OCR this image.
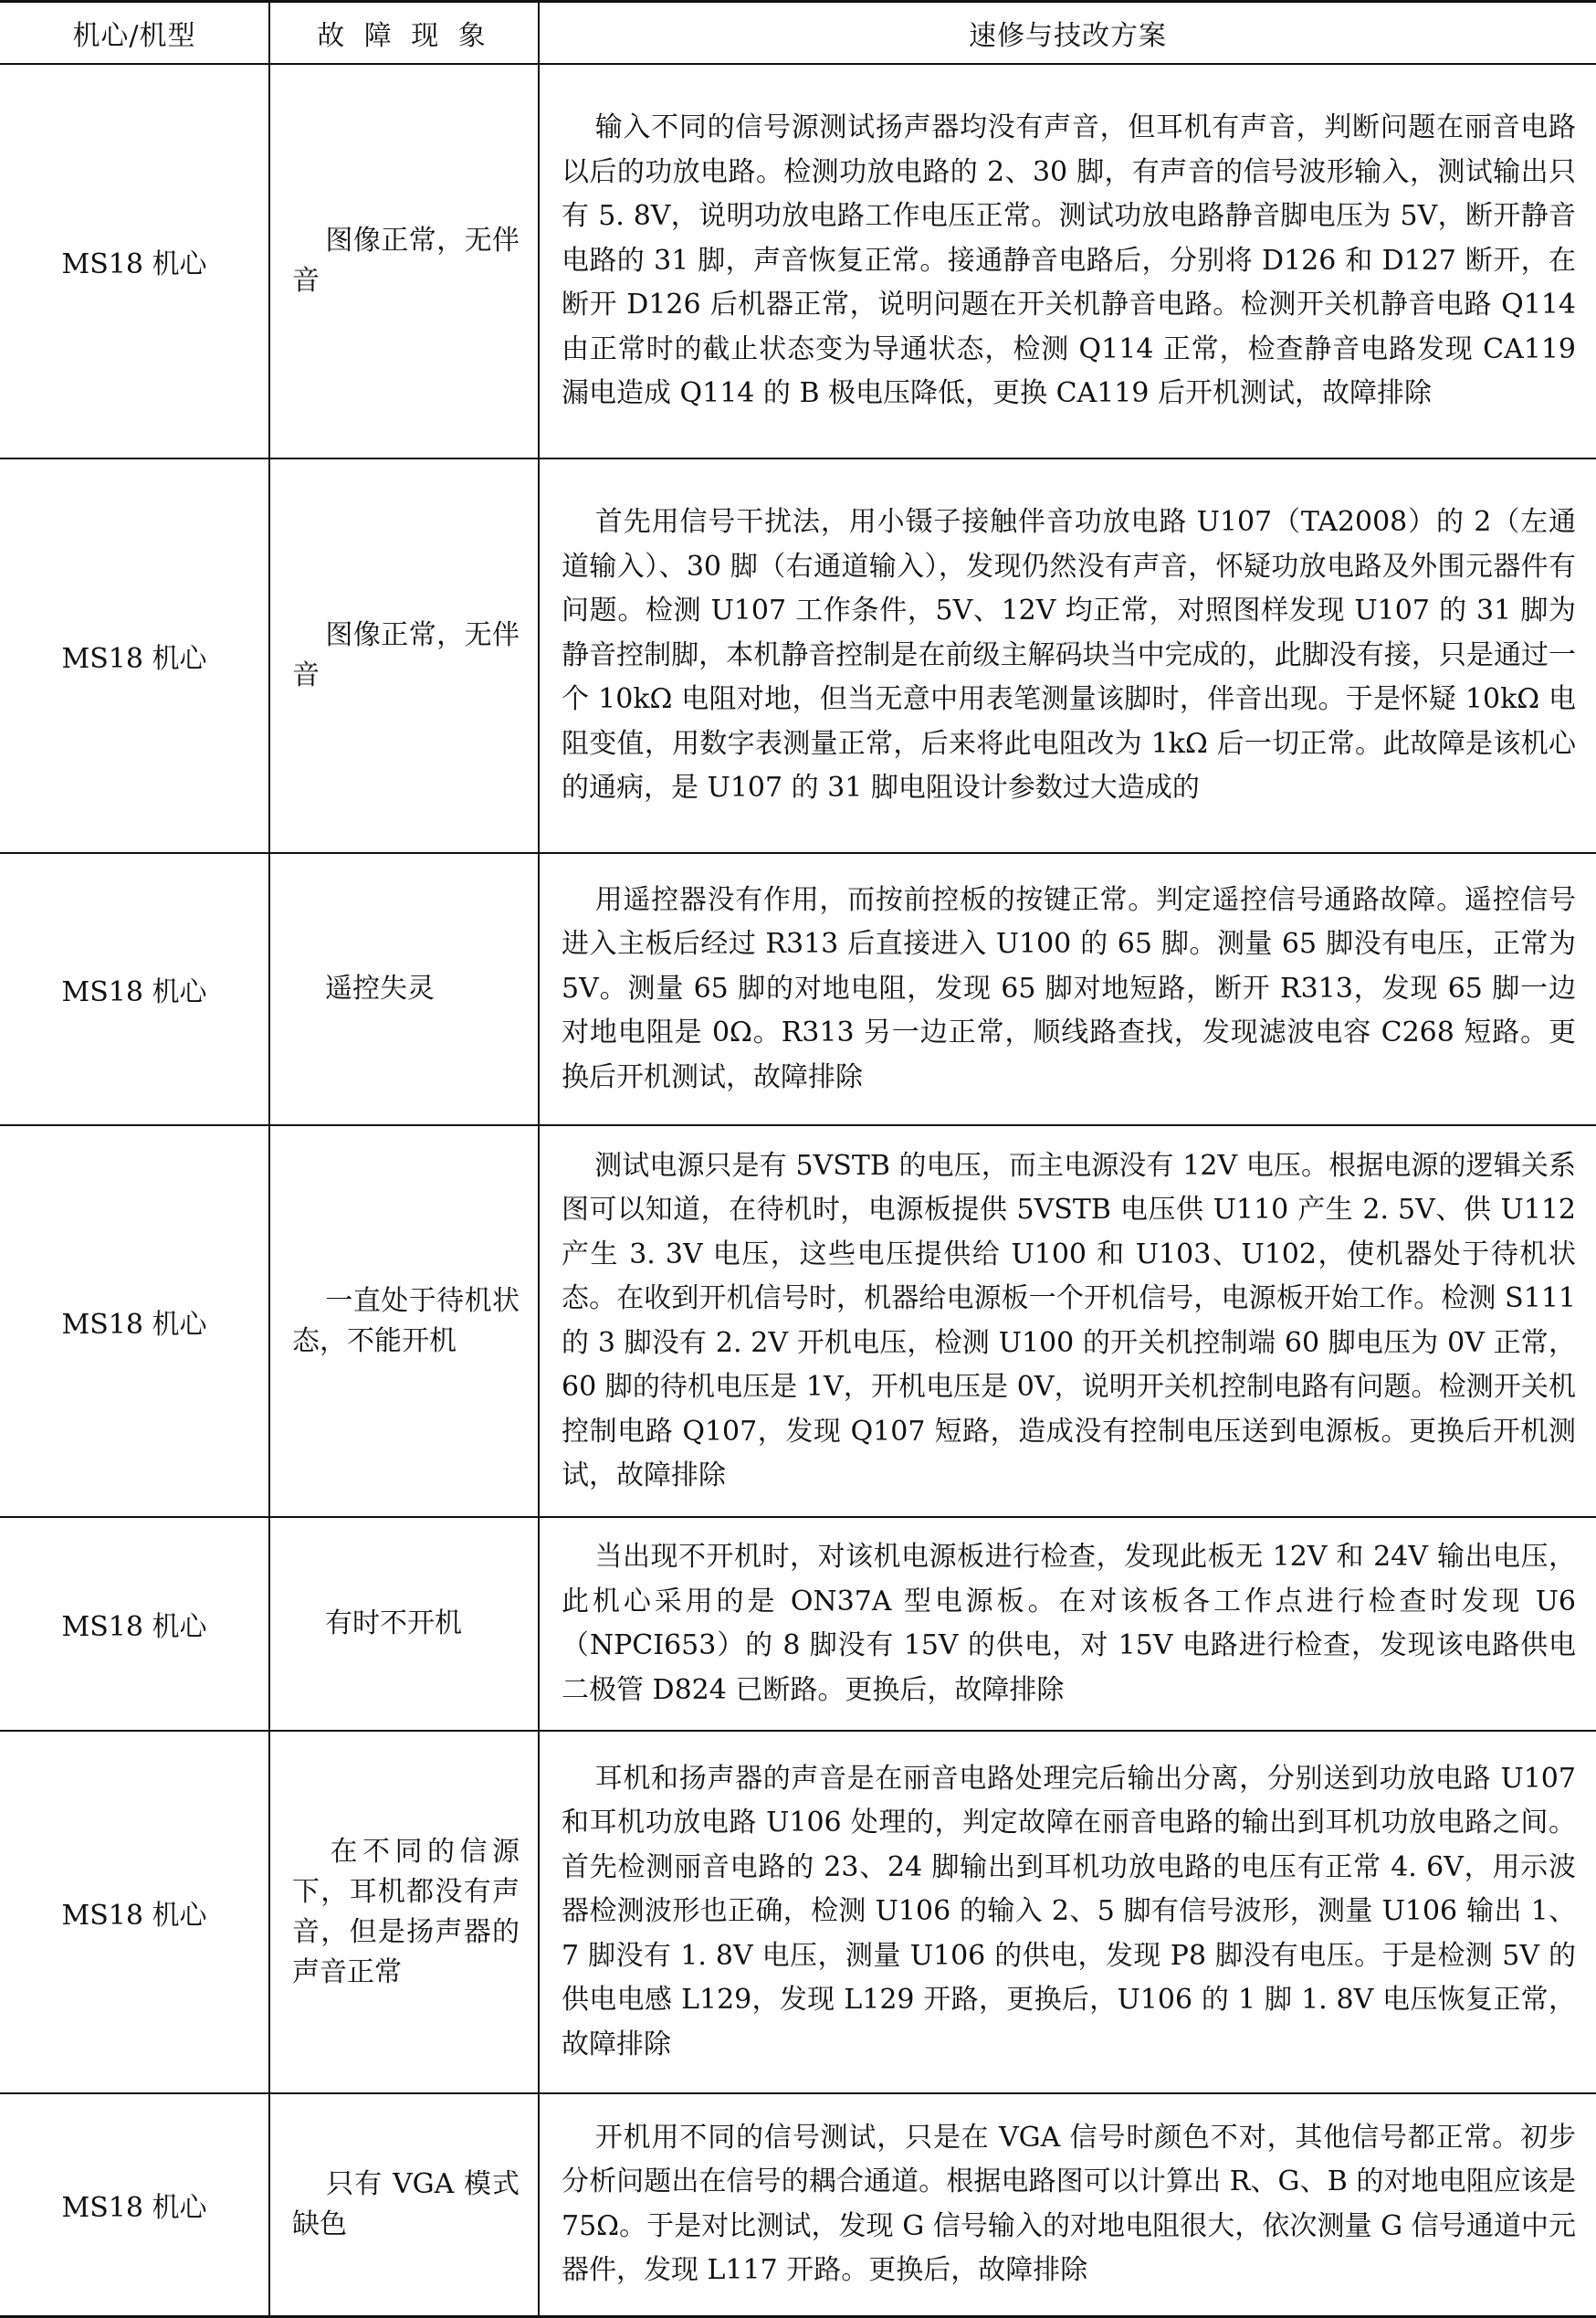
机心/机型	故 障 现 象	速修与技改方案
MS18 机心	图像正常，无伴音	输入不同的信号源测试扬声器均没有声音，但耳机有声音，判断问题在丽音电路以后的功放电路。检测功放电路的 2、30 脚，有声音的信号波形输入，测试输出只有 5. 8V，说明功放电路工作电压正常。测试功放电路静音脚电压为 5V，断开静音电路的 31 脚，声音恢复正常。接通静音电路后，分别将 D126 和 D127 断开，在断开 D126 后机器正常，说明问题在开关机静音电路。检测开关机静音电路 Q114 由正常时的截止状态变为导通状态，检测 Q114 正常，检查静音电路发现 CA119 漏电造成 Q114 的 B 极电压降低，更换 CA119 后开机测试，故障排除
MS18 机心	图像正常，无伴音	首先用信号干扰法，用小镊子接触伴音功放电路 U107（TA2008）的 2（左通道输入）、30 脚（右通道输入），发现仍然没有声音，怀疑功放电路及外围元器件有问题。检测 U107 工作条件，5V、12V 均正常，对照图样发现 U107 的 31 脚为静音控制脚，本机静音控制是在前级主解码块当中完成的，此脚没有接，只是通过一个 10kΩ 电阻对地，但当无意中用表笔测量该脚时，伴音出现。于是怀疑 10kΩ 电阻变值，用数字表测量正常，后来将此电阻改为 1kΩ 后一切正常。此故障是该机心的通病，是 U107 的 31 脚电阻设计参数过大造成的
MS18 机心	遥控失灵	用遥控器没有作用，而按前控板的按键正常。判定遥控信号通路故障。遥控信号进入主板后经过 R313 后直接进入 U100 的 65 脚。测量 65 脚没有电压，正常为 5V。测量 65 脚的对地电阻，发现 65 脚对地短路，断开 R313，发现 65 脚一边对地电阻是 0Ω。R313 另一边正常，顺线路查找，发现滤波电容 C268 短路。更换后开机测试，故障排除
MS18 机心	一直处于待机状态，不能开机	测试电源只是有 5VSTB 的电压，而主电源没有 12V 电压。根据电源的逻辑关系图可以知道，在待机时，电源板提供 5VSTB 电压供 U110 产生 2. 5V、供 U112 产生 3. 3V 电压，这些电压提供给 U100 和 U103、U102，使机器处于待机状态。在收到开机信号时，机器给电源板一个开机信号，电源板开始工作。检测 S111 的 3 脚没有 2. 2V 开机电压，检测 U100 的开关机控制端 60 脚电压为 0V 正常，60 脚的待机电压是 1V，开机电压是 0V，说明开关机控制电路有问题。检测开关机控制电路 Q107，发现 Q107 短路，造成没有控制电压送到电源板。更换后开机测试，故障排除
MS18 机心	有时不开机	当出现不开机时，对该机电源板进行检查，发现此板无 12V 和 24V 输出电压，此机心采用的是 ON37A 型电源板。在对该板各工作点进行检查时发现 U6（NPCI653）的 8 脚没有 15V 的供电，对 15V 电路进行检查，发现该电路供电二极管 D824 已断路。更换后，故障排除
MS18 机心	在不同的信源下，耳机都没有声音，但是扬声器的声音正常	耳机和扬声器的声音是在丽音电路处理完后输出分离，分别送到功放电路 U107 和耳机功放电路 U106 处理的，判定故障在丽音电路的输出到耳机功放电路之间。首先检测丽音电路的 23、24 脚输出到耳机功放电路的电压有正常 4. 6V，用示波器检测波形也正确，检测 U106 的输入 2、5 脚有信号波形，测量 U106 输出 1、7 脚没有 1. 8V 电压，测量 U106 的供电，发现 P8 脚没有电压。于是检测 5V 的供电电感 L129，发现 L129 开路，更换后，U106 的 1 脚 1. 8V 电压恢复正常，故障排除
MS18 机心	只有 VGA 模式缺色	开机用不同的信号测试，只是在 VGA 信号时颜色不对，其他信号都正常。初步分析问题出在信号的耦合通道。根据电路图可以计算出 R、G、B 的对地电阻应该是 75Ω。于是对比测试，发现 G 信号输入的对地电阻很大，依次测量 G 信号通道中元器件，发现 L117 开路。更换后，故障排除
